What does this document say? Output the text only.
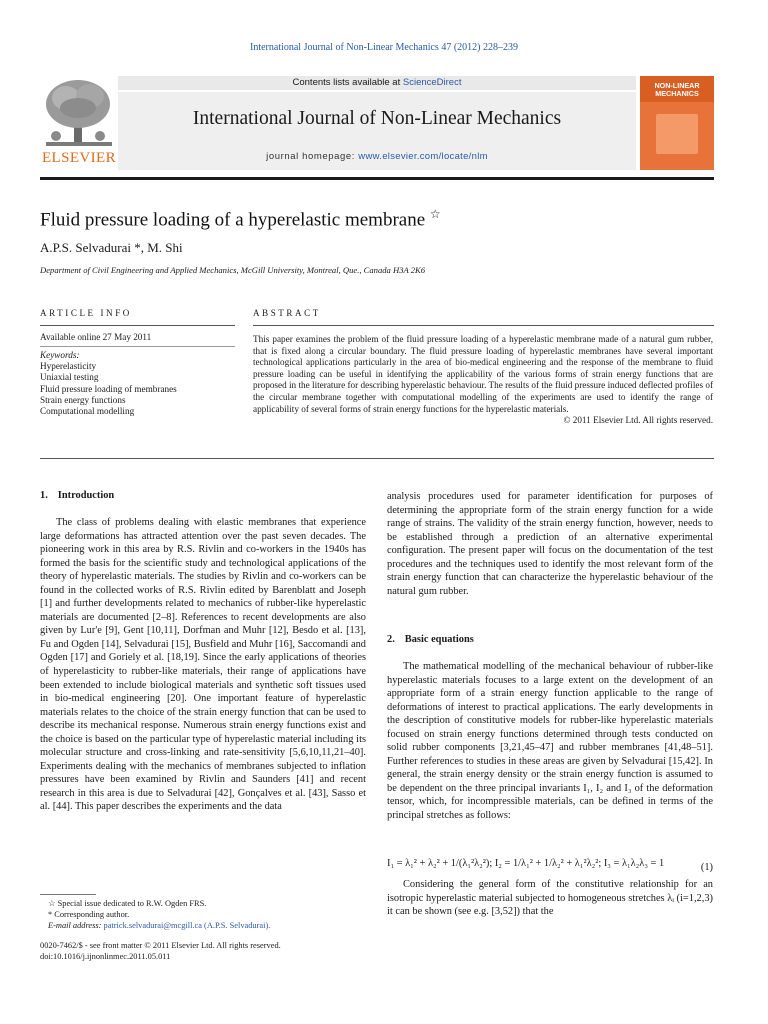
International Journal of Non-Linear Mechanics 47 (2012) 228–239
ELSEVIER
Contents lists available at ScienceDirect
International Journal of Non-Linear Mechanics
journal homepage: www.elsevier.com/locate/nlm
NON-LINEAR MECHANICS
Fluid pressure loading of a hyperelastic membrane ☆
A.P.S. Selvadurai *, M. Shi
Department of Civil Engineering and Applied Mechanics, McGill University, Montreal, Que., Canada H3A 2K6
ARTICLE INFO	ABSTRACT
Available online 27 May 2011
Keywords:
Hyperelasticity
Uniaxial testing
Fluid pressure loading of membranes
Strain energy functions
Computational modelling
This paper examines the problem of the fluid pressure loading of a hyperelastic membrane made of a natural gum rubber, that is fixed along a circular boundary. The fluid pressure loading of hyperelastic membranes have several important technological applications particularly in the area of bio-medical engineering and the response of the membrane to fluid pressure loading can be useful in identifying the applicability of the various forms of strain energy functions that are proposed in the literature for describing hyperelastic behaviour. The results of the fluid pressure induced deflected profiles of the circular membrane together with computational modelling of the experiments are used to identify the range of applicability of several forms of strain energy functions for the hyperelastic materials.
© 2011 Elsevier Ltd. All rights reserved.
1. Introduction

The class of problems dealing with elastic membranes that experience large deformations has attracted attention over the past seven decades. The pioneering work in this area by R.S. Rivlin and co-workers in the 1940s has formed the basis for the scientific study and technological applications of the theory of hyperelastic materials. The studies by Rivlin and co-workers can be found in the collected works of R.S. Rivlin edited by Barenblatt and Joseph [1] and further developments related to mechanics of rubber-like hyperelastic materials are documented [2–8]. References to recent developments are also given by Lur'e [9], Gent [10,11], Dorfman and Muhr [12], Besdo et al. [13], Fu and Ogden [14], Selvadurai [15], Busfield and Muhr [16], Saccomandi and Ogden [17] and Goriely et al. [18,19]. Since the early applications of theories of hyperelasticity to rubber-like materials, their range of applications have been extended to include biological materials and synthetic soft tissues used in bio-medical engineering [20]. One important feature of hyperelastic materials relates to the choice of the strain energy function that can be used to describe its mechanical response. Numerous strain energy functions exist and the choice is based on the particular type of hyperelastic material including its molecular structure and cross-linking and rate-sensitivity [5,6,10,11,21–40]. Experiments dealing with the mechanics of membranes subjected to inflation pressures have been examined by Rivlin and Saunders [41] and recent research in this area is due to Selvadurai [42], Gonçalves et al. [43], Sasso et al. [44]. This paper describes the experiments and the data

analysis procedures used for parameter identification for purposes of determining the appropriate form of the strain energy function for a wide range of strains. The validity of the strain energy function, however, needs to be established through a prediction of an alternative experimental configuration. The present paper will focus on the documentation of the test procedures and the techniques used to identify the most relevant form of the strain energy function that can characterize the hyperelastic behaviour of the natural gum rubber.

2. Basic equations

The mathematical modelling of the mechanical behaviour of rubber-like hyperelastic materials focuses to a large extent on the development of an appropriate form of a strain energy function applicable to the range of deformations of interest to practical applications. The early developments in the description of constitutive models for rubber-like hyperelastic materials focused on strain energy functions determined through tests conducted on solid rubber components [3,21,45–47] and rubber membranes [41,48–51]. Further references to studies in these areas are given by Selvadurai [15,42]. In general, the strain energy density or the strain energy function is assumed to be dependent on the three principal invariants I₁, I₂ and I₃ of the deformation tensor, which, for incompressible materials, can be defined in terms of the principal stretches as follows:

I₁ = λ₁² + λ₂² + 1/(λ₁²λ₂²); I₂ = 1/λ₁² + 1/λ₂² + λ₁²λ₂²; I₃ = λ₁λ₂λ₃ = 1	(1)

Considering the general form of the constitutive relationship for an isotropic hyperelastic material subjected to homogeneous stretches λᵢ (i=1,2,3) it can be shown (see e.g. [3,52]) that the

☆ Special issue dedicated to R.W. Ogden FRS.
* Corresponding author.
E-mail address: patrick.selvadurai@mcgill.ca (A.P.S. Selvadurai).
0020-7462/$ - see front matter © 2011 Elsevier Ltd. All rights reserved.
doi:10.1016/j.ijnonlinmec.2011.05.011
